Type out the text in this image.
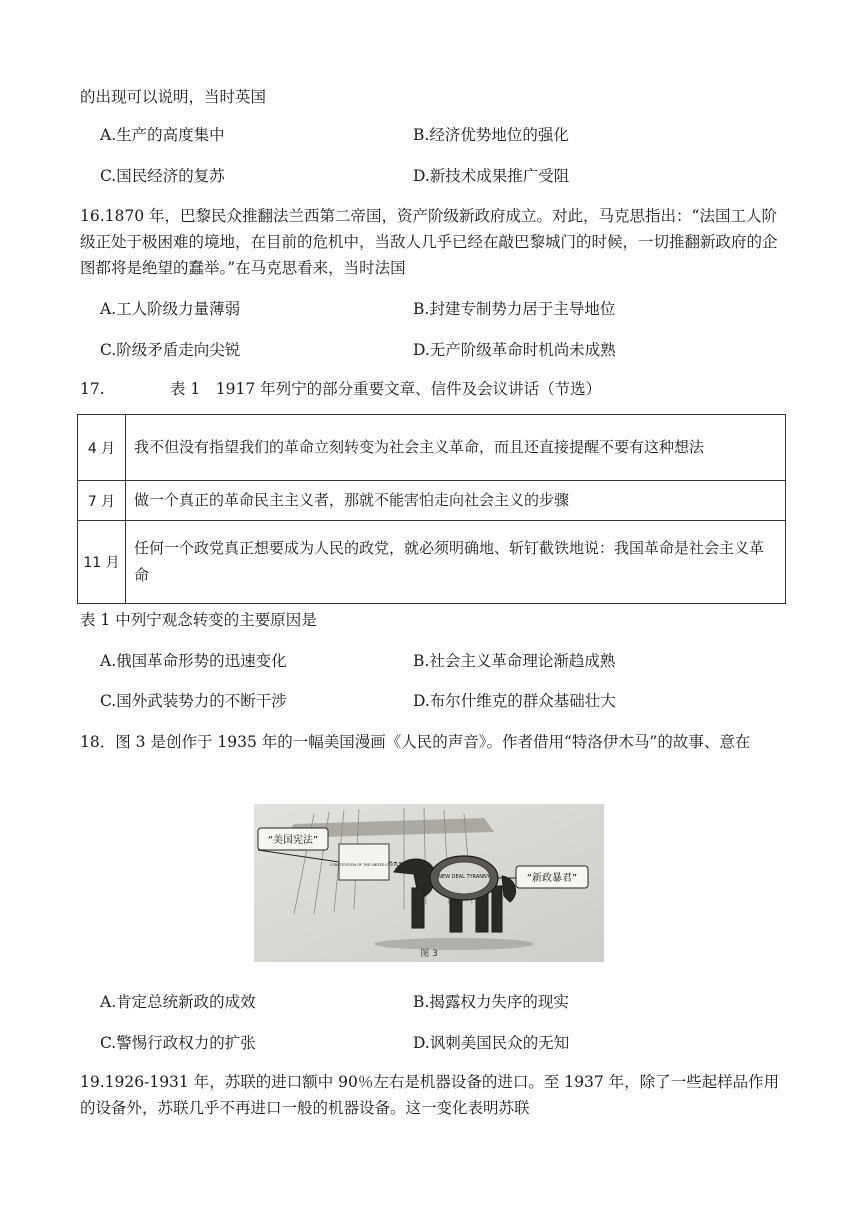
的出现可以说明，当时英国
A.生产的高度集中	B.经济优势地位的强化
C.国民经济的复苏	D.新技术成果推广受阻
16.1870 年，巴黎民众推翻法兰西第二帝国，资产阶级新政府成立。对此，马克思指出：“法国工人阶级正处于极困难的境地，在目前的危机中，当敌人几乎已经在敲巴黎城门的时候，一切推翻新政府的企图都将是绝望的蠢举。”在马克思看来，当时法国
A.工人阶级力量薄弱	B.封建专制势力居于主导地位
C.阶级矛盾走向尖锐	D.无产阶级革命时机尚未成熟
17.	表 1　1917 年列宁的部分重要文章、信件及会议讲话（节选）
4 月	我不但没有指望我们的革命立刻转变为社会主义革命，而且还直接提醒不要有这种想法
7 月	做一个真正的革命民主主义者，那就不能害怕走向社会主义的步骤
11 月	任何一个政党真正想要成为人民的政党，就必须明确地、斩钉截铁地说：我国革命是社会主义革命
表 1 中列宁观念转变的主要原因是
A.俄国革命形势的迅速变化	B.社会主义革命理论渐趋成熟
C.国外武装势力的不断干涉	D.布尔什维克的群众基础壮大
18．图 3 是创作于 1935 年的一幅美国漫画《人民的声音》。作者借用“特洛伊木马”的故事、意在
“美国宪法”
CONSTITUTION OF THE UNITED STATES
NEW DEAL TYRANNY	“新政暴君”
图 3
A.肯定总统新政的成效	B.揭露权力失序的现实
C.警惕行政权力的扩张	D.讽刺美国民众的无知
19.1926-1931 年，苏联的进口额中 90％左右是机器设备的进口。至 1937 年，除了一些起样品作用的设备外，苏联几乎不再进口一般的机器设备。这一变化表明苏联
